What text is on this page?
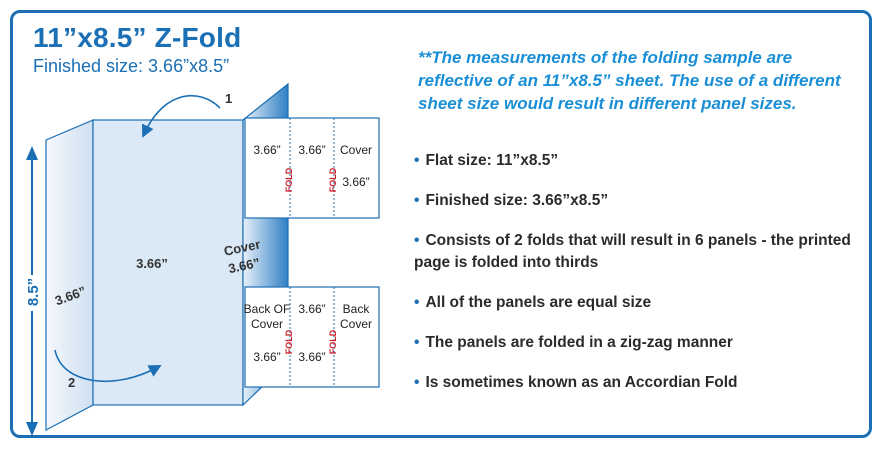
11”x8.5” Z-Fold
Finished size: 3.66”x8.5”	**The measurements of the folding sample are reflective of an 11”x8.5” sheet. The use of a different sheet size would result in different panel sizes.
• Flat size: 11”x8.5”
• Finished size: 3.66”x8.5”
• Consists of 2 folds that will result in 6 panels - the printed page is folded into thirds
• All of the panels are equal size
• The panels are folded in a zig-zag manner
• Is sometimes known as an Accordian Fold
8.5” 3.66”
3.66”
Cover
3.66”
1
2
3.66” 3.66” Cover
3.66”
FOLD	FOLD
Back OF
Cover
3.66”
3.66”
3.66”
Back
Cover
FOLD	FOLD
